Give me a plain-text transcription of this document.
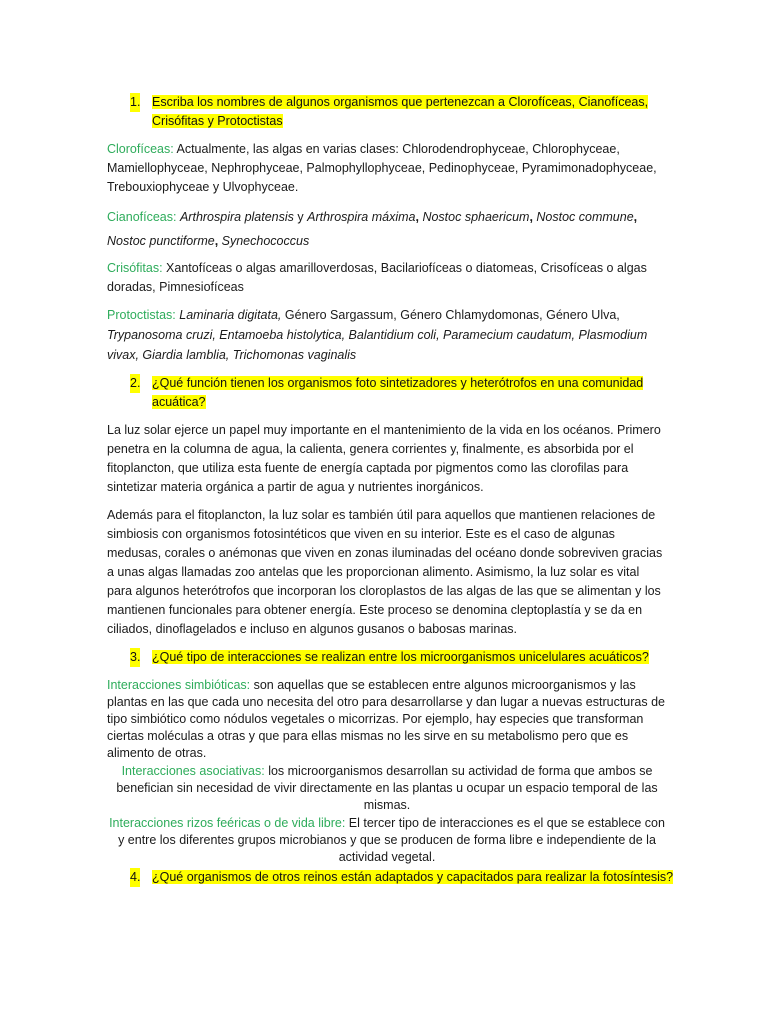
1. Escriba los nombres de algunos organismos que pertenezcan a Clorofíceas, Cianofíceas, Crisófitas y Protoctistas
Clorofíceas: Actualmente, las algas en varias clases: Chlorodendrophyceae, Chlorophyceae, Mamiellophyceae, Nephrophyceae, Palmophyllophyceae, Pedinophyceae, Pyramimonadophyceae, Trebouxiophyceae y Ulvophyceae.
Cianofíceas: Arthrospira platensis y Arthrospira máxima, Nostoc sphaericum, Nostoc commune, Nostoc punctiforme, Synechococcus
Crisófitas: Xantofíceas o algas amarilloverdosas, Bacilariofíceas o diatomeas, Crisofíceas o algas doradas, Pimnesiofíceas
Protoctistas: Laminaria digitata, Género Sargassum, Género Chlamydomonas, Género Ulva, Trypanosoma cruzi, Entamoeba histolytica, Balantidium coli, Paramecium caudatum, Plasmodium vivax, Giardia lamblia, Trichomonas vaginalis
2. ¿Qué función tienen los organismos foto sintetizadores y heterótrofos en una comunidad acuática?
La luz solar ejerce un papel muy importante en el mantenimiento de la vida en los océanos. Primero penetra en la columna de agua, la calienta, genera corrientes y, finalmente, es absorbida por el fitoplancton, que utiliza esta fuente de energía captada por pigmentos como las clorofilas para sintetizar materia orgánica a partir de agua y nutrientes inorgánicos.
Además para el fitoplancton, la luz solar es también útil para aquellos que mantienen relaciones de simbiosis con organismos fotosintéticos que viven en su interior. Este es el caso de algunas medusas, corales o anémonas que viven en zonas iluminadas del océano donde sobreviven gracias a unas algas llamadas zoo antelas que les proporcionan alimento. Asimismo, la luz solar es vital para algunos heterótrofos que incorporan los cloroplastos de las algas de las que se alimentan y los mantienen funcionales para obtener energía. Este proceso se denomina cleptoplastía y se da en ciliados, dinoflagelados e incluso en algunos gusanos o babosas marinas.
3. ¿Qué tipo de interacciones se realizan entre los microorganismos unicelulares acuáticos?
Interacciones simbióticas: son aquellas que se establecen entre algunos microorganismos y las plantas en las que cada uno necesita del otro para desarrollarse y dan lugar a nuevas estructuras de tipo simbiótico como nódulos vegetales o micorrizas. Por ejemplo, hay especies que transforman ciertas moléculas a otras y que para ellas mismas no les sirve en su metabolismo pero que es alimento de otras.
Interacciones asociativas: los microorganismos desarrollan su actividad de forma que ambos se benefician sin necesidad de vivir directamente en las plantas u ocupar un espacio temporal de las mismas.
Interacciones rizos feéricas o de vida libre: El tercer tipo de interacciones es el que se establece con y entre los diferentes grupos microbianos y que se producen de forma libre e independiente de la actividad vegetal.
4. ¿Qué organismos de otros reinos están adaptados y capacitados para realizar la fotosíntesis?
